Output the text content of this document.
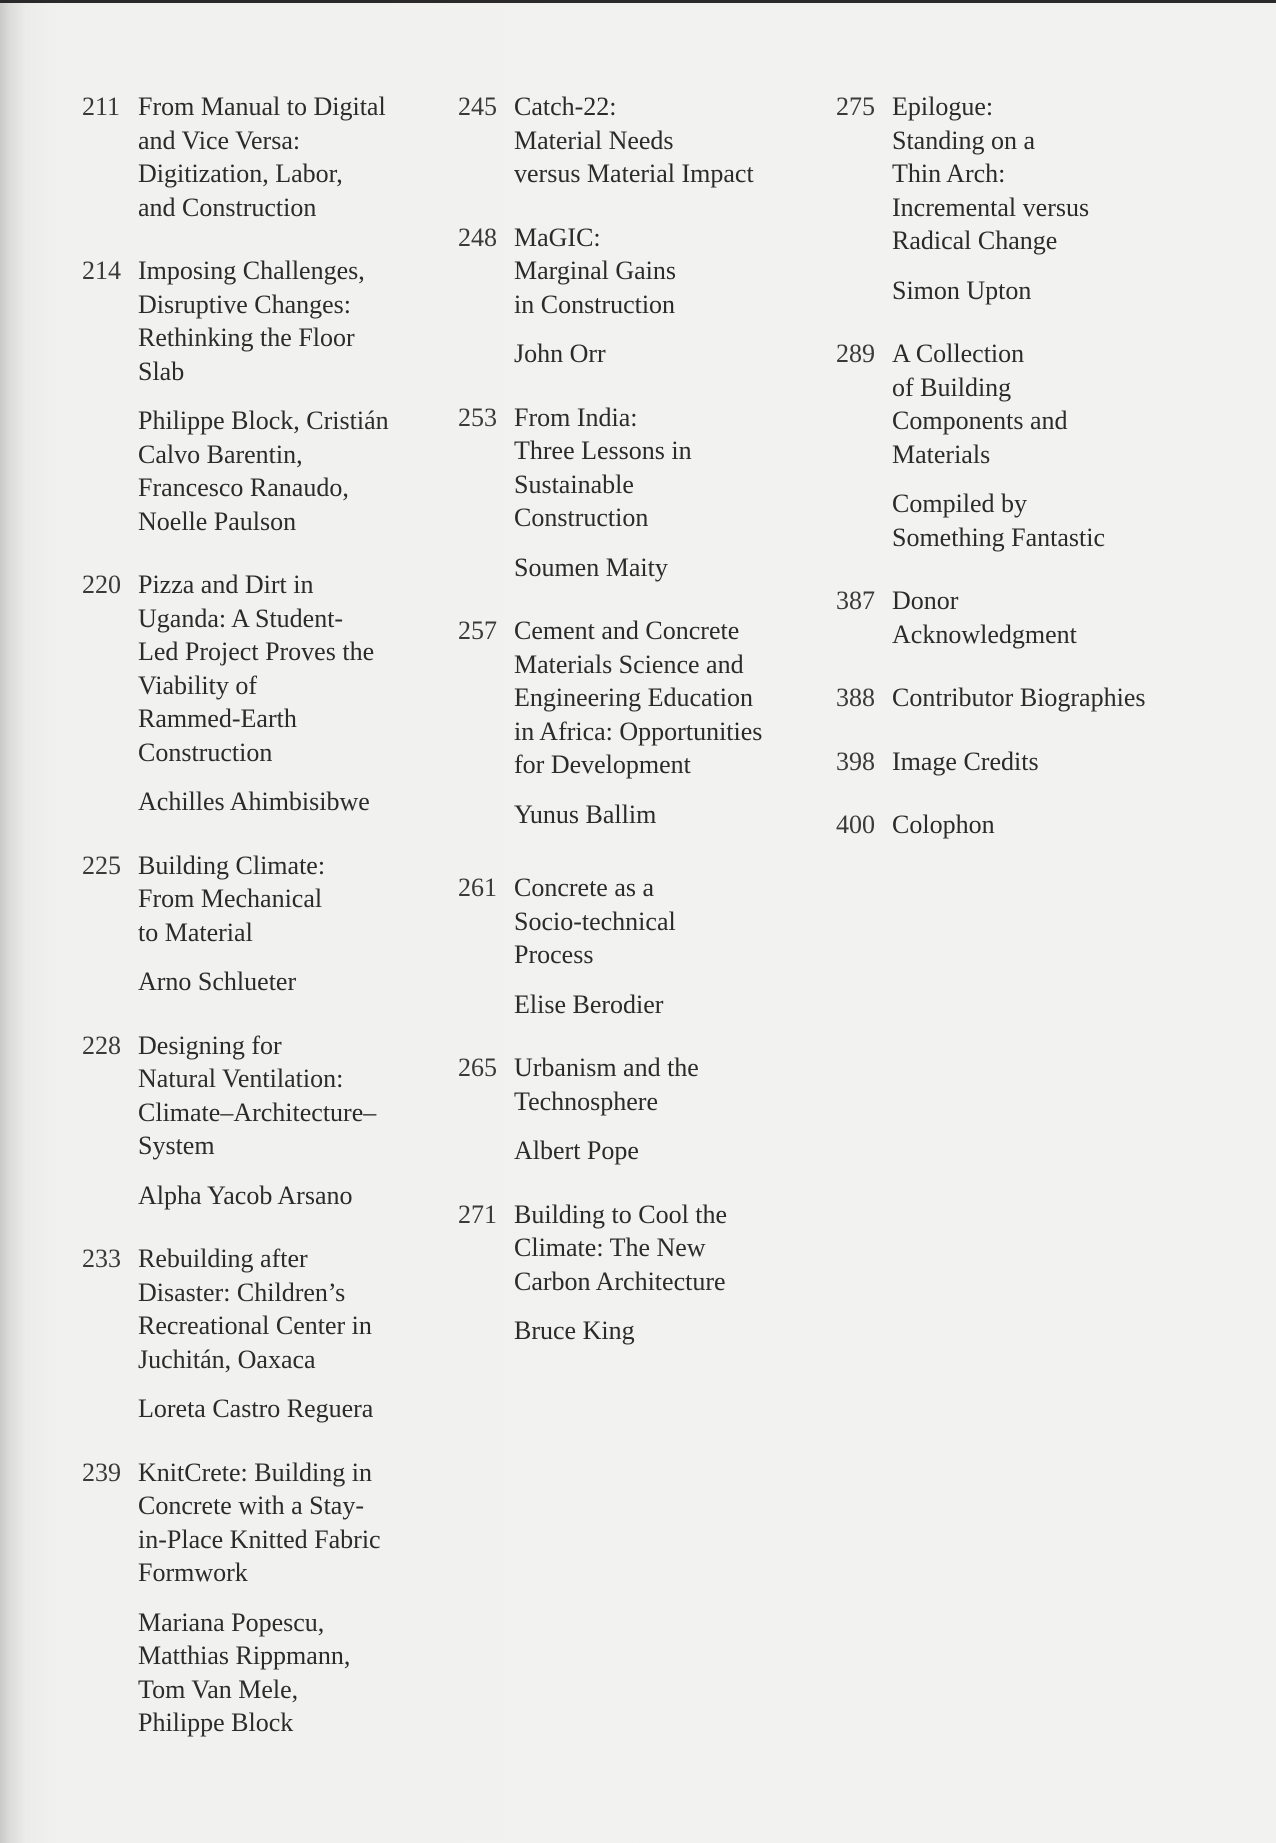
211 From Manual to Digital
and Vice Versa:
Digitization, Labor,
and Construction
214 Imposing Challenges,
Disruptive Changes:
Rethinking the Floor
Slab
Philippe Block, Cristián
Calvo Barentin,
Francesco Ranaudo,
Noelle Paulson
220 Pizza and Dirt in
Uganda: A Student-
Led Project Proves the
Viability of
Rammed-Earth
Construction
Achilles Ahimbisibwe
225 Building Climate:
From Mechanical
to Material
Arno Schlueter
228 Designing for
Natural Ventilation:
Climate–Architecture–
System
Alpha Yacob Arsano
233 Rebuilding after
Disaster: Children’s
Recreational Center in
Juchitán, Oaxaca
Loreta Castro Reguera
239 KnitCrete: Building in
Concrete with a Stay-
in-Place Knitted Fabric
Formwork
Mariana Popescu,
Matthias Rippmann,
Tom Van Mele,
Philippe Block
245 Catch-22:
Material Needs
versus Material Impact
248 MaGIC:
Marginal Gains
in Construction
John Orr
253 From India:
Three Lessons in
Sustainable
Construction
Soumen Maity
257 Cement and Concrete
Materials Science and
Engineering Education
in Africa: Opportunities
for Development
Yunus Ballim
261 Concrete as a
Socio-technical
Process
Elise Berodier
265 Urbanism and the
Technosphere
Albert Pope
271 Building to Cool the
Climate: The New
Carbon Architecture
Bruce King
275 Epilogue:
Standing on a
Thin Arch:
Incremental versus
Radical Change
Simon Upton
289 A Collection
of Building
Components and
Materials
Compiled by
Something Fantastic
387 Donor
Acknowledgment
388 Contributor Biographies
398 Image Credits
400 Colophon
